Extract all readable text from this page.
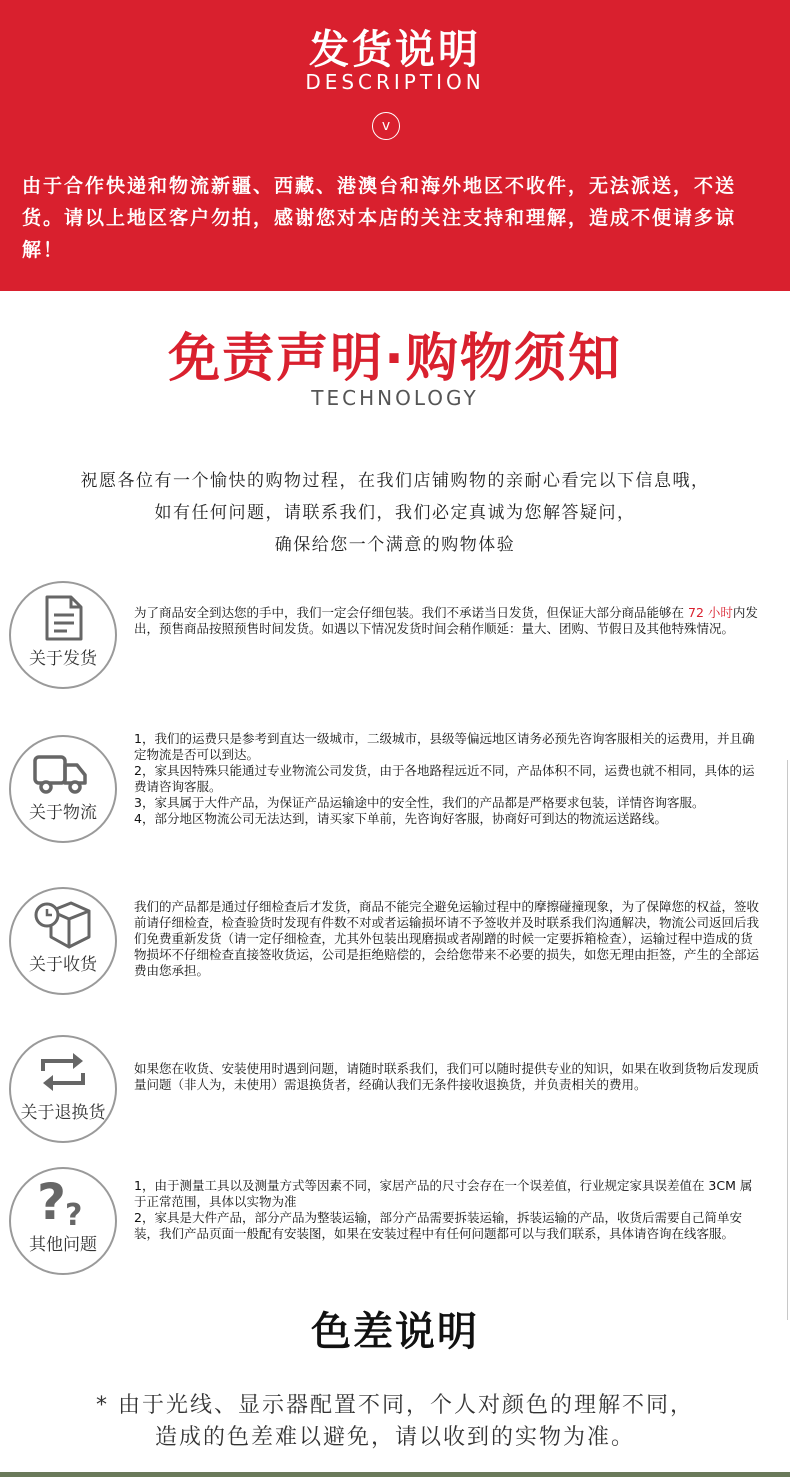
发货说明
DESCRIPTION
v
由于合作快递和物流新疆、西藏、港澳台和海外地区不收件，无法派送，不送货。请以上地区客户勿拍，感谢您对本店的关注支持和理解，造成不便请多谅解！
免责声明·购物须知
TECHNOLOGY
祝愿各位有一个愉快的购物过程，在我们店铺购物的亲耐心看完以下信息哦，
如有任何问题，请联系我们，我们必定真诚为您解答疑问，
确保给您一个满意的购物体验
关于发货
为了商品安全到达您的手中，我们一定会仔细包装。我们不承诺当日发货，但保证大部分商品能够在 72 小时内发出，预售商品按照预售时间发货。如遇以下情况发货时间会稍作顺延：量大、团购、节假日及其他特殊情况。
关于物流
1，我们的运费只是参考到直达一级城市，二级城市，县级等偏远地区请务必预先咨询客服相关的运费用，并且确定物流是否可以到达。
2，家具因特殊只能通过专业物流公司发货，由于各地路程远近不同，产品体积不同，运费也就不相同，具体的运费请咨询客服。
3，家具属于大件产品，为保证产品运输途中的安全性，我们的产品都是严格要求包装，详情咨询客服。
4，部分地区物流公司无法达到，请买家下单前，先咨询好客服，协商好可到达的物流运送路线。
关于收货
我们的产品都是通过仔细检查后才发货，商品不能完全避免运输过程中的摩擦碰撞现象，为了保障您的权益，签收前请仔细检查，检查验货时发现有件数不对或者运输损坏请不予签收并及时联系我们沟通解决，物流公司返回后我们免费重新发货（请一定仔细检查，尤其外包装出现磨损或者剐蹭的时候一定要拆箱检查），运输过程中造成的货物损坏不仔细检查直接签收货运，公司是拒绝赔偿的，会给您带来不必要的损失，如您无理由拒签，产生的全部运费由您承担。
关于退换货
如果您在收货、安装使用时遇到问题，请随时联系我们，我们可以随时提供专业的知识，如果在收到货物后发现质量问题（非人为，未使用）需退换货者，经确认我们无条件接收退换货，并负责相关的费用。
?
?
其他问题
1，由于测量工具以及测量方式等因素不同，家居产品的尺寸会存在一个误差值，行业规定家具误差值在 3CM 属于正常范围，具体以实物为准
2，家具是大件产品，部分产品为整装运输，部分产品需要拆装运输，拆装运输的产品，收货后需要自己简单安装，我们产品页面一般配有安装图，如果在安装过程中有任何问题都可以与我们联系，具体请咨询在线客服。
色差说明
* 由于光线、显示器配置不同，个人对颜色的理解不同，
造成的色差难以避免，请以收到的实物为准。
